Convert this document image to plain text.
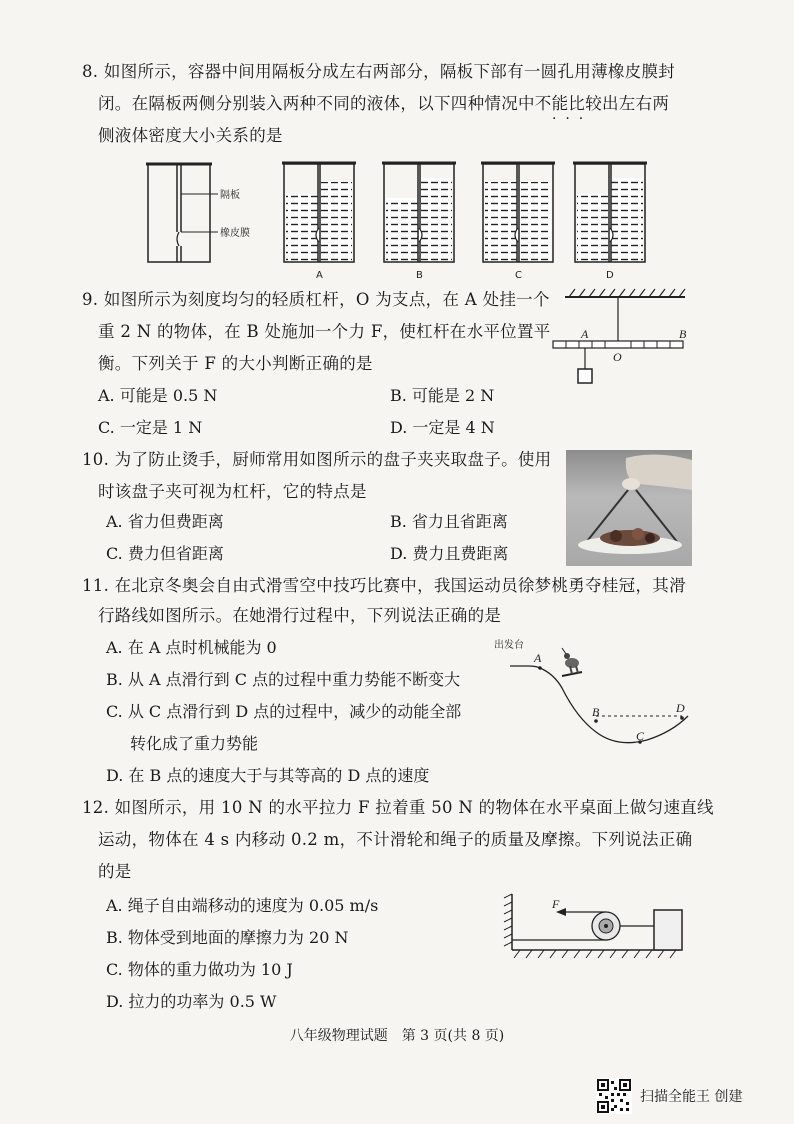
8. 如图所示，容器中间用隔板分成左右两部分，隔板下部有一圆孔用薄橡皮膜封
闭。在隔板两侧分别装入两种不同的液体，以下四种情况中不能比较出左右两
·  ·  ·
侧液体密度大小关系的是
隔板
橡皮膜
A	B	C	D
9. 如图所示为刻度均匀的轻质杠杆，O 为支点，在 A 处挂一个
重 2 N 的物体，在 B 处施加一个力 F，使杠杆在水平位置平
衡。下列关于 F 的大小判断正确的是
A. 可能是 0.5 N	B. 可能是 2 N
C. 一定是 1 N	D. 一定是 4 N
A
O
B
10. 为了防止烫手，厨师常用如图所示的盘子夹夹取盘子。使用
时该盘子夹可视为杠杆，它的特点是
A. 省力但费距离	B. 省力且省距离
C. 费力但省距离	D. 费力且费距离
11. 在北京冬奥会自由式滑雪空中技巧比赛中，我国运动员徐梦桃勇夺桂冠，其滑
行路线如图所示。在她滑行过程中，下列说法正确的是
A. 在 A 点时机械能为 0
B. 从 A 点滑行到 C 点的过程中重力势能不断变大
C. 从 C 点滑行到 D 点的过程中，减少的动能全部
转化成了重力势能
D. 在 B 点的速度大于与其等高的 D 点的速度
出发台
A
B
C
D
12. 如图所示，用 10 N 的水平拉力 F 拉着重 50 N 的物体在水平桌面上做匀速直线
运动，物体在 4 s 内移动 0.2 m，不计滑轮和绳子的质量及摩擦。下列说法正确
的是
A. 绳子自由端移动的速度为 0.05 m/s
B. 物体受到地面的摩擦力为 20 N
C. 物体的重力做功为 10 J
D. 拉力的功率为 0.5 W
F
八年级物理试题　第 3 页(共 8 页)
扫描全能王 创建
